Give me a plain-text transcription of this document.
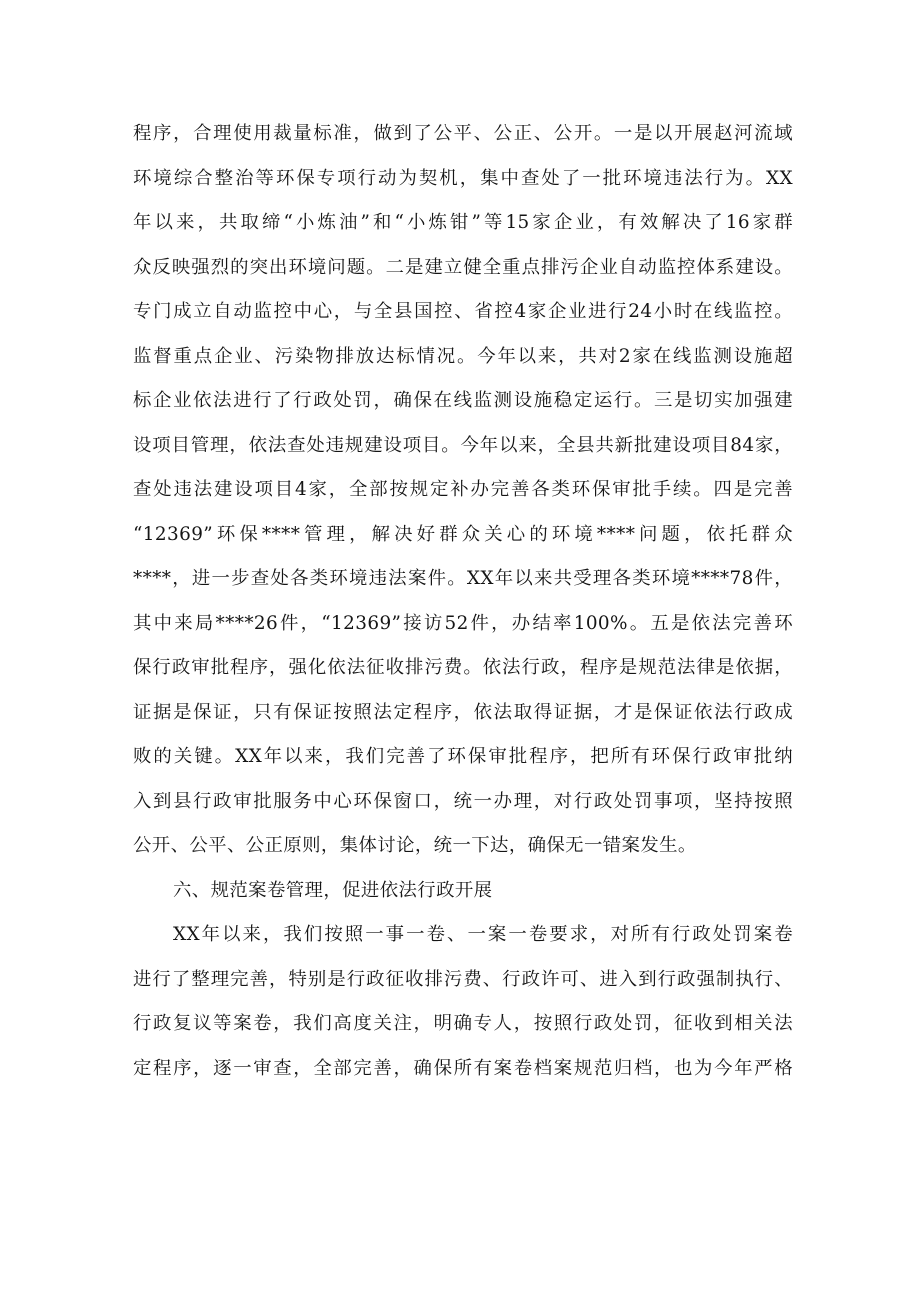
程序，合理使用裁量标准，做到了公平、公正、公开。一是以开展赵河流域
环境综合整治等环保专项行动为契机，集中查处了一批环境违法行为。XX
年以来，共取缔“小炼油”和“小炼钳”等15家企业，有效解决了16家群
众反映强烈的突出环境问题。二是建立健全重点排污企业自动监控体系建设。
专门成立自动监控中心，与全县国控、省控4家企业进行24小时在线监控。
监督重点企业、污染物排放达标情况。今年以来，共对2家在线监测设施超
标企业依法进行了行政处罚，确保在线监测设施稳定运行。三是切实加强建
设项目管理，依法查处违规建设项目。今年以来，全县共新批建设项目84家，
查处违法建设项目4家，全部按规定补办完善各类环保审批手续。四是完善
“12369”环保****管理，解决好群众关心的环境****问题，依托群众
****，进一步查处各类环境违法案件。XX年以来共受理各类环境****78件，
其中来局****26件，“12369”接访52件，办结率100%。五是依法完善环
保行政审批程序，强化依法征收排污费。依法行政，程序是规范法律是依据，
证据是保证，只有保证按照法定程序，依法取得证据，才是保证依法行政成
败的关键。XX年以来，我们完善了环保审批程序，把所有环保行政审批纳
入到县行政审批服务中心环保窗口，统一办理，对行政处罚事项，坚持按照
公开、公平、公正原则，集体讨论，统一下达，确保无一错案发生。
六、规范案卷管理，促进依法行政开展
XX年以来，我们按照一事一卷、一案一卷要求，对所有行政处罚案卷
进行了整理完善，特别是行政征收排污费、行政许可、进入到行政强制执行、
行政复议等案卷，我们高度关注，明确专人，按照行政处罚，征收到相关法
定程序，逐一审查，全部完善，确保所有案卷档案规范归档，也为今年严格
